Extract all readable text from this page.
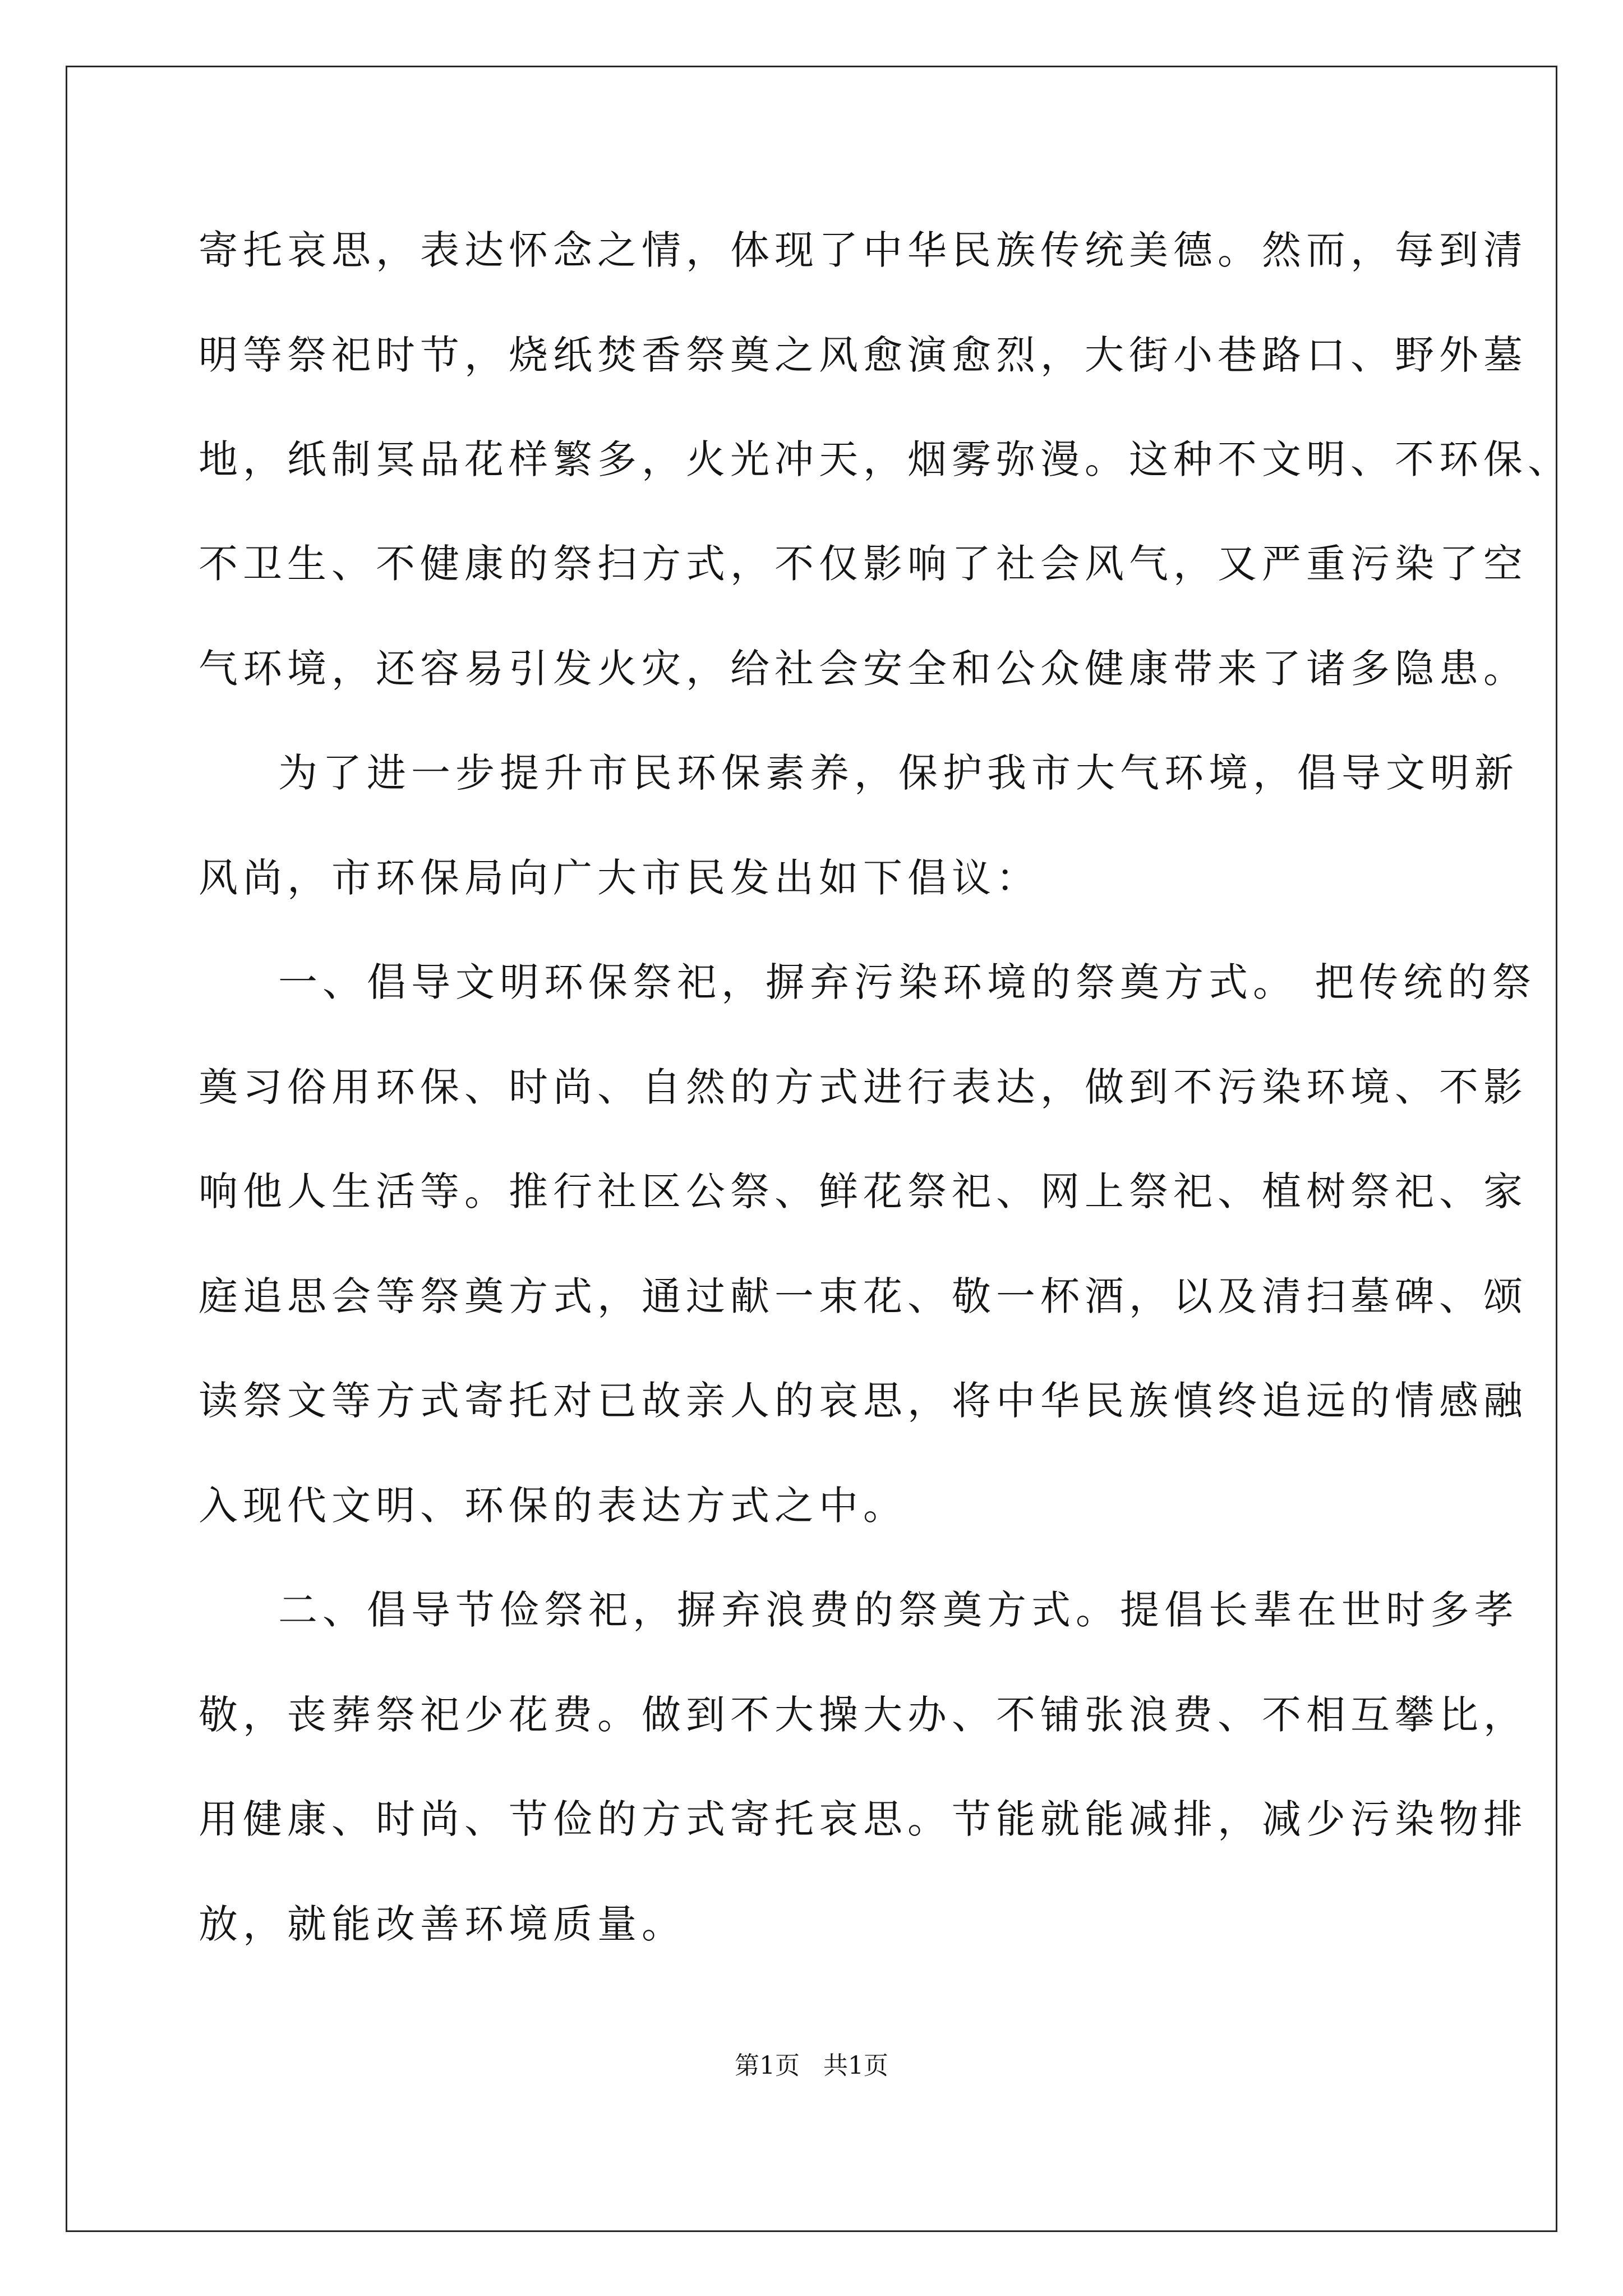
寄托哀思，表达怀念之情，体现了中华民族传统美德。然而，每到清
明等祭祀时节，烧纸焚香祭奠之风愈演愈烈，大街小巷路口、野外墓
地，纸制冥品花样繁多，火光冲天，烟雾弥漫。这种不文明、不环保、
不卫生、不健康的祭扫方式，不仅影响了社会风气，又严重污染了空
气环境，还容易引发火灾，给社会安全和公众健康带来了诸多隐患。
为了进一步提升市民环保素养，保护我市大气环境，倡导文明新
风尚，市环保局向广大市民发出如下倡议：
一、倡导文明环保祭祀，摒弃污染环境的祭奠方式。 把传统的祭
奠习俗用环保、时尚、自然的方式进行表达，做到不污染环境、不影
响他人生活等。推行社区公祭、鲜花祭祀、网上祭祀、植树祭祀、家
庭追思会等祭奠方式，通过献一束花、敬一杯酒，以及清扫墓碑、颂
读祭文等方式寄托对已故亲人的哀思，将中华民族慎终追远的情感融
入现代文明、环保的表达方式之中。
二、倡导节俭祭祀，摒弃浪费的祭奠方式。提倡长辈在世时多孝
敬，丧葬祭祀少花费。做到不大操大办、不铺张浪费、不相互攀比，
用健康、时尚、节俭的方式寄托哀思。节能就能减排，减少污染物排
放，就能改善环境质量。
第1页   共1页
